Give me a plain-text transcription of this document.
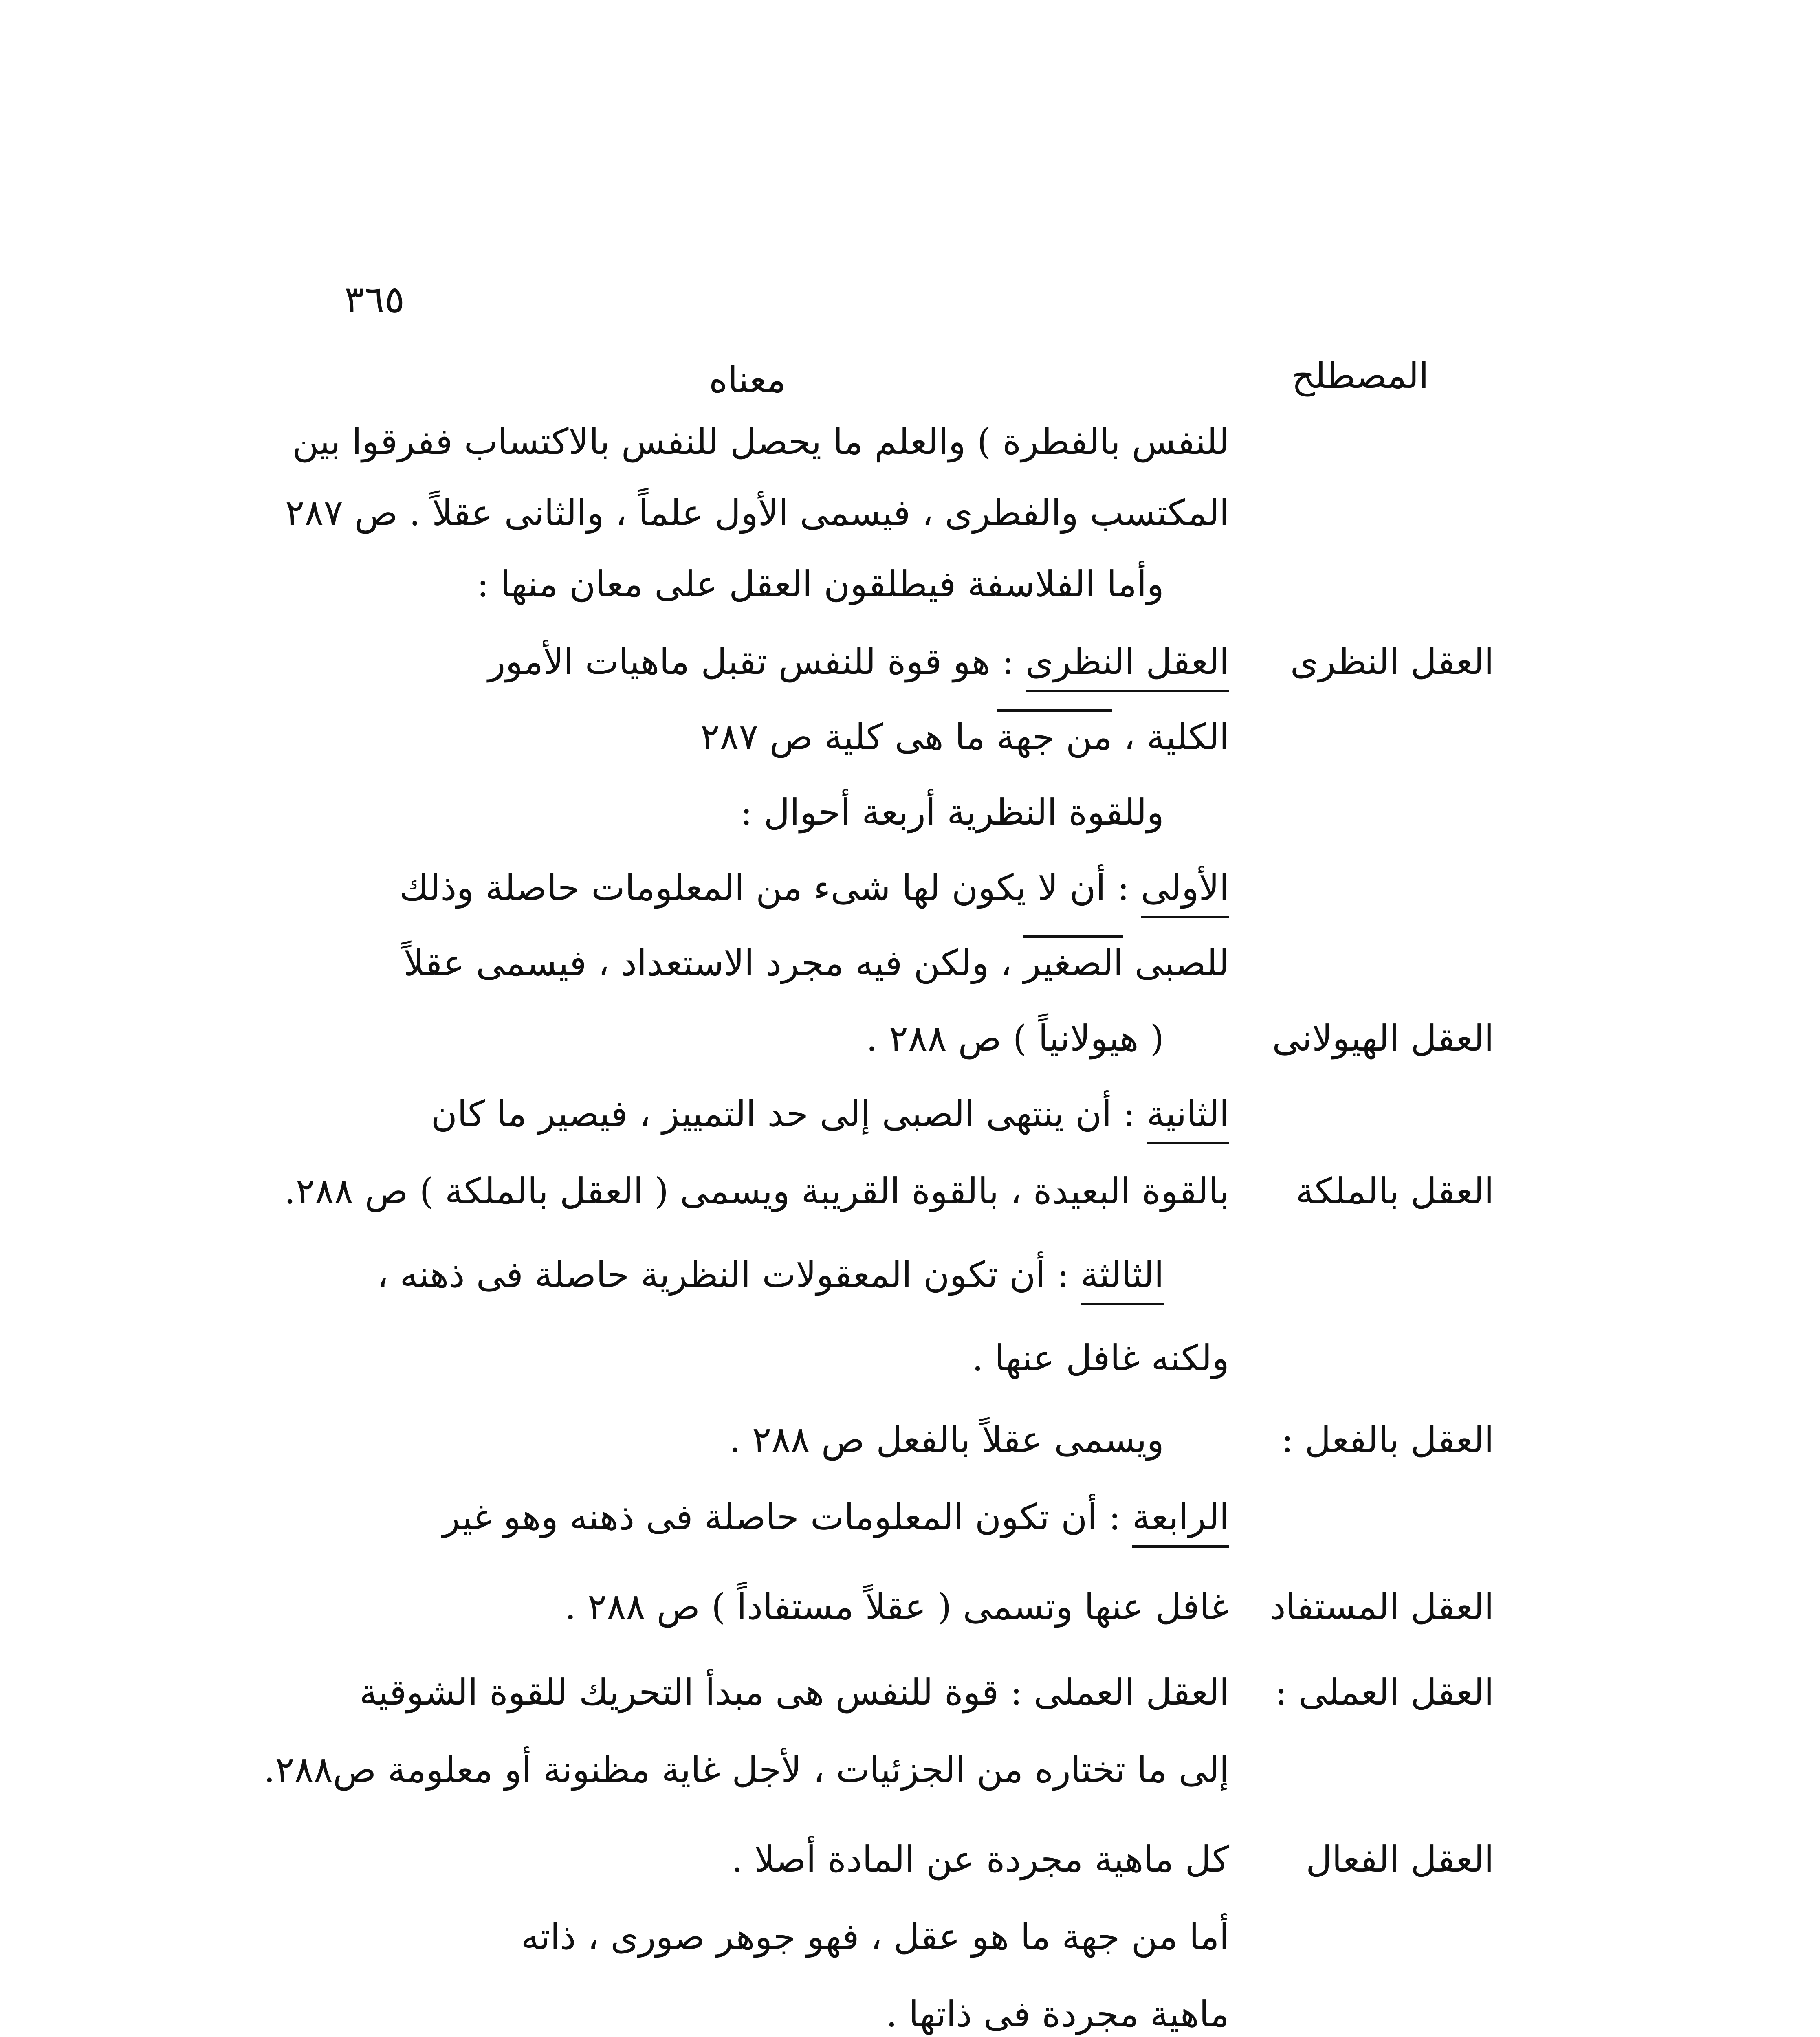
٣٦٥
المصطلح
معناه
للنفس بالفطرة ) والعلم ما يحصل للنفس بالاكتساب ففرقوا بين
المكتسب والفطرى ، فيسمى الأول علماً ، والثانى عقلاً . ص ٢٨٧
وأما الفلاسفة فيطلقون العقل على معان منها :
العقل النظرى
العقل النظرى : هو قوة للنفس تقبل ماهيات الأمور
الكلية ، من جهة ما هى كلية ص ٢٨٧
وللقوة النظرية أربعة أحوال :
الأولى : أن لا يكون لها شىء من المعلومات حاصلة وذلك
للصبى الصغير ، ولكن فيه مجرد الاستعداد ، فيسمى عقلاً
العقل الهيولانى
( هيولانياً ) ص ٢٨٨ .
الثانية : أن ينتهى الصبى إلى حد التمييز ، فيصير ما كان
العقل بالملكة
بالقوة البعيدة ، بالقوة القريبة ويسمى ( العقل بالملكة ) ص ٢٨٨.
الثالثة : أن تكون المعقولات النظرية حاصلة فى ذهنه ،
ولكنه غافل عنها .
العقل بالفعل :
ويسمى عقلاً بالفعل ص ٢٨٨ .
الرابعة : أن تكون المعلومات حاصلة فى ذهنه وهو غير
العقل المستفاد
غافل عنها وتسمى ( عقلاً مستفاداً ) ص ٢٨٨ .
العقل العملى :
العقل العملى : قوة للنفس هى مبدأ التحريك للقوة الشوقية
إلى ما تختاره من الجزئيات ، لأجل غاية مظنونة أو معلومة ص٢٨٨.
العقل الفعال
كل ماهية مجردة عن المادة أصلا .
أما من جهة ما هو عقل ، فهو جوهر صورى ، ذاته
ماهية مجردة فى ذاتها .
